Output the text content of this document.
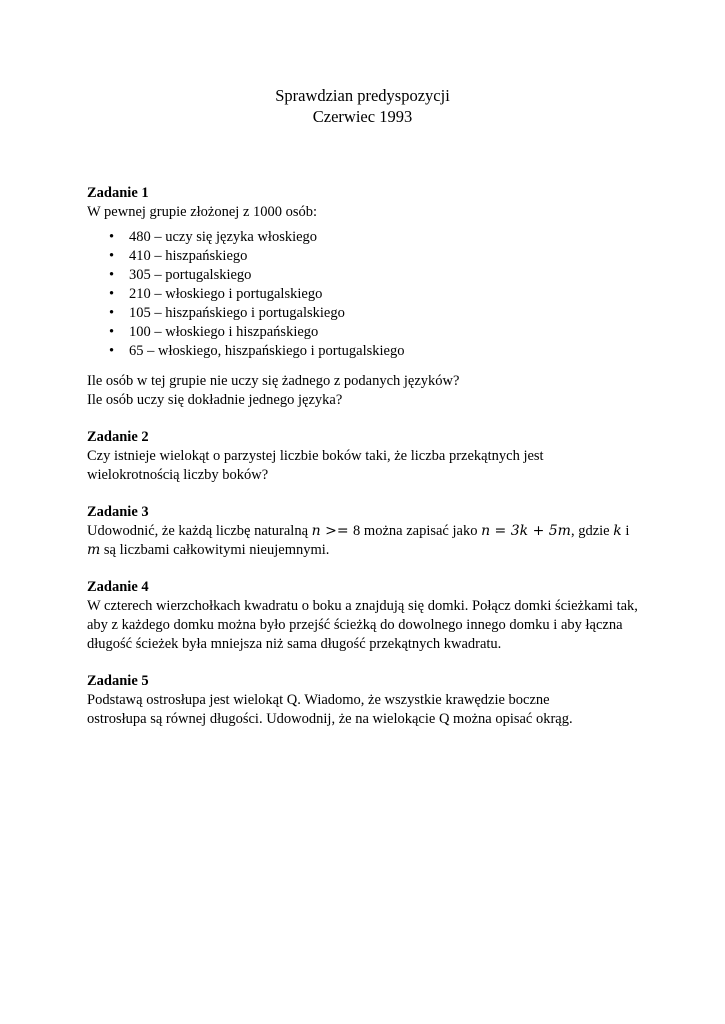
Sprawdzian predyspozycji
Czerwiec 1993
Zadanie 1
W pewnej grupie złożonej z 1000 osób:
• 480 – uczy się języka włoskiego
• 410 – hiszpańskiego
• 305 – portugalskiego
• 210 – włoskiego i portugalskiego
• 105 – hiszpańskiego i portugalskiego
• 100 – włoskiego i hiszpańskiego
• 65 – włoskiego, hiszpańskiego i portugalskiego
Ile osób w tej grupie nie uczy się żadnego z podanych języków?
Ile osób uczy się dokładnie jednego języka?
Zadanie 2
Czy istnieje wielokąt o parzystej liczbie boków taki, że liczba przekątnych jest
wielokrotnością liczby boków?
Zadanie 3
Udowodnić, że każdą liczbę naturalną n >= 8 można zapisać jako n = 3k + 5m, gdzie k i
m są liczbami całkowitymi nieujemnymi.
Zadanie 4
W czterech wierzchołkach kwadratu o boku a znajdują się domki. Połącz domki ścieżkami tak,
aby z każdego domku można było przejść ścieżką do dowolnego innego domku i aby łączna
długość ścieżek była mniejsza niż sama długość przekątnych kwadratu.
Zadanie 5
Podstawą ostrosłupa jest wielokąt Q. Wiadomo, że wszystkie krawędzie boczne
ostrosłupa są równej długości. Udowodnij, że na wielokącie Q można opisać okrąg.
